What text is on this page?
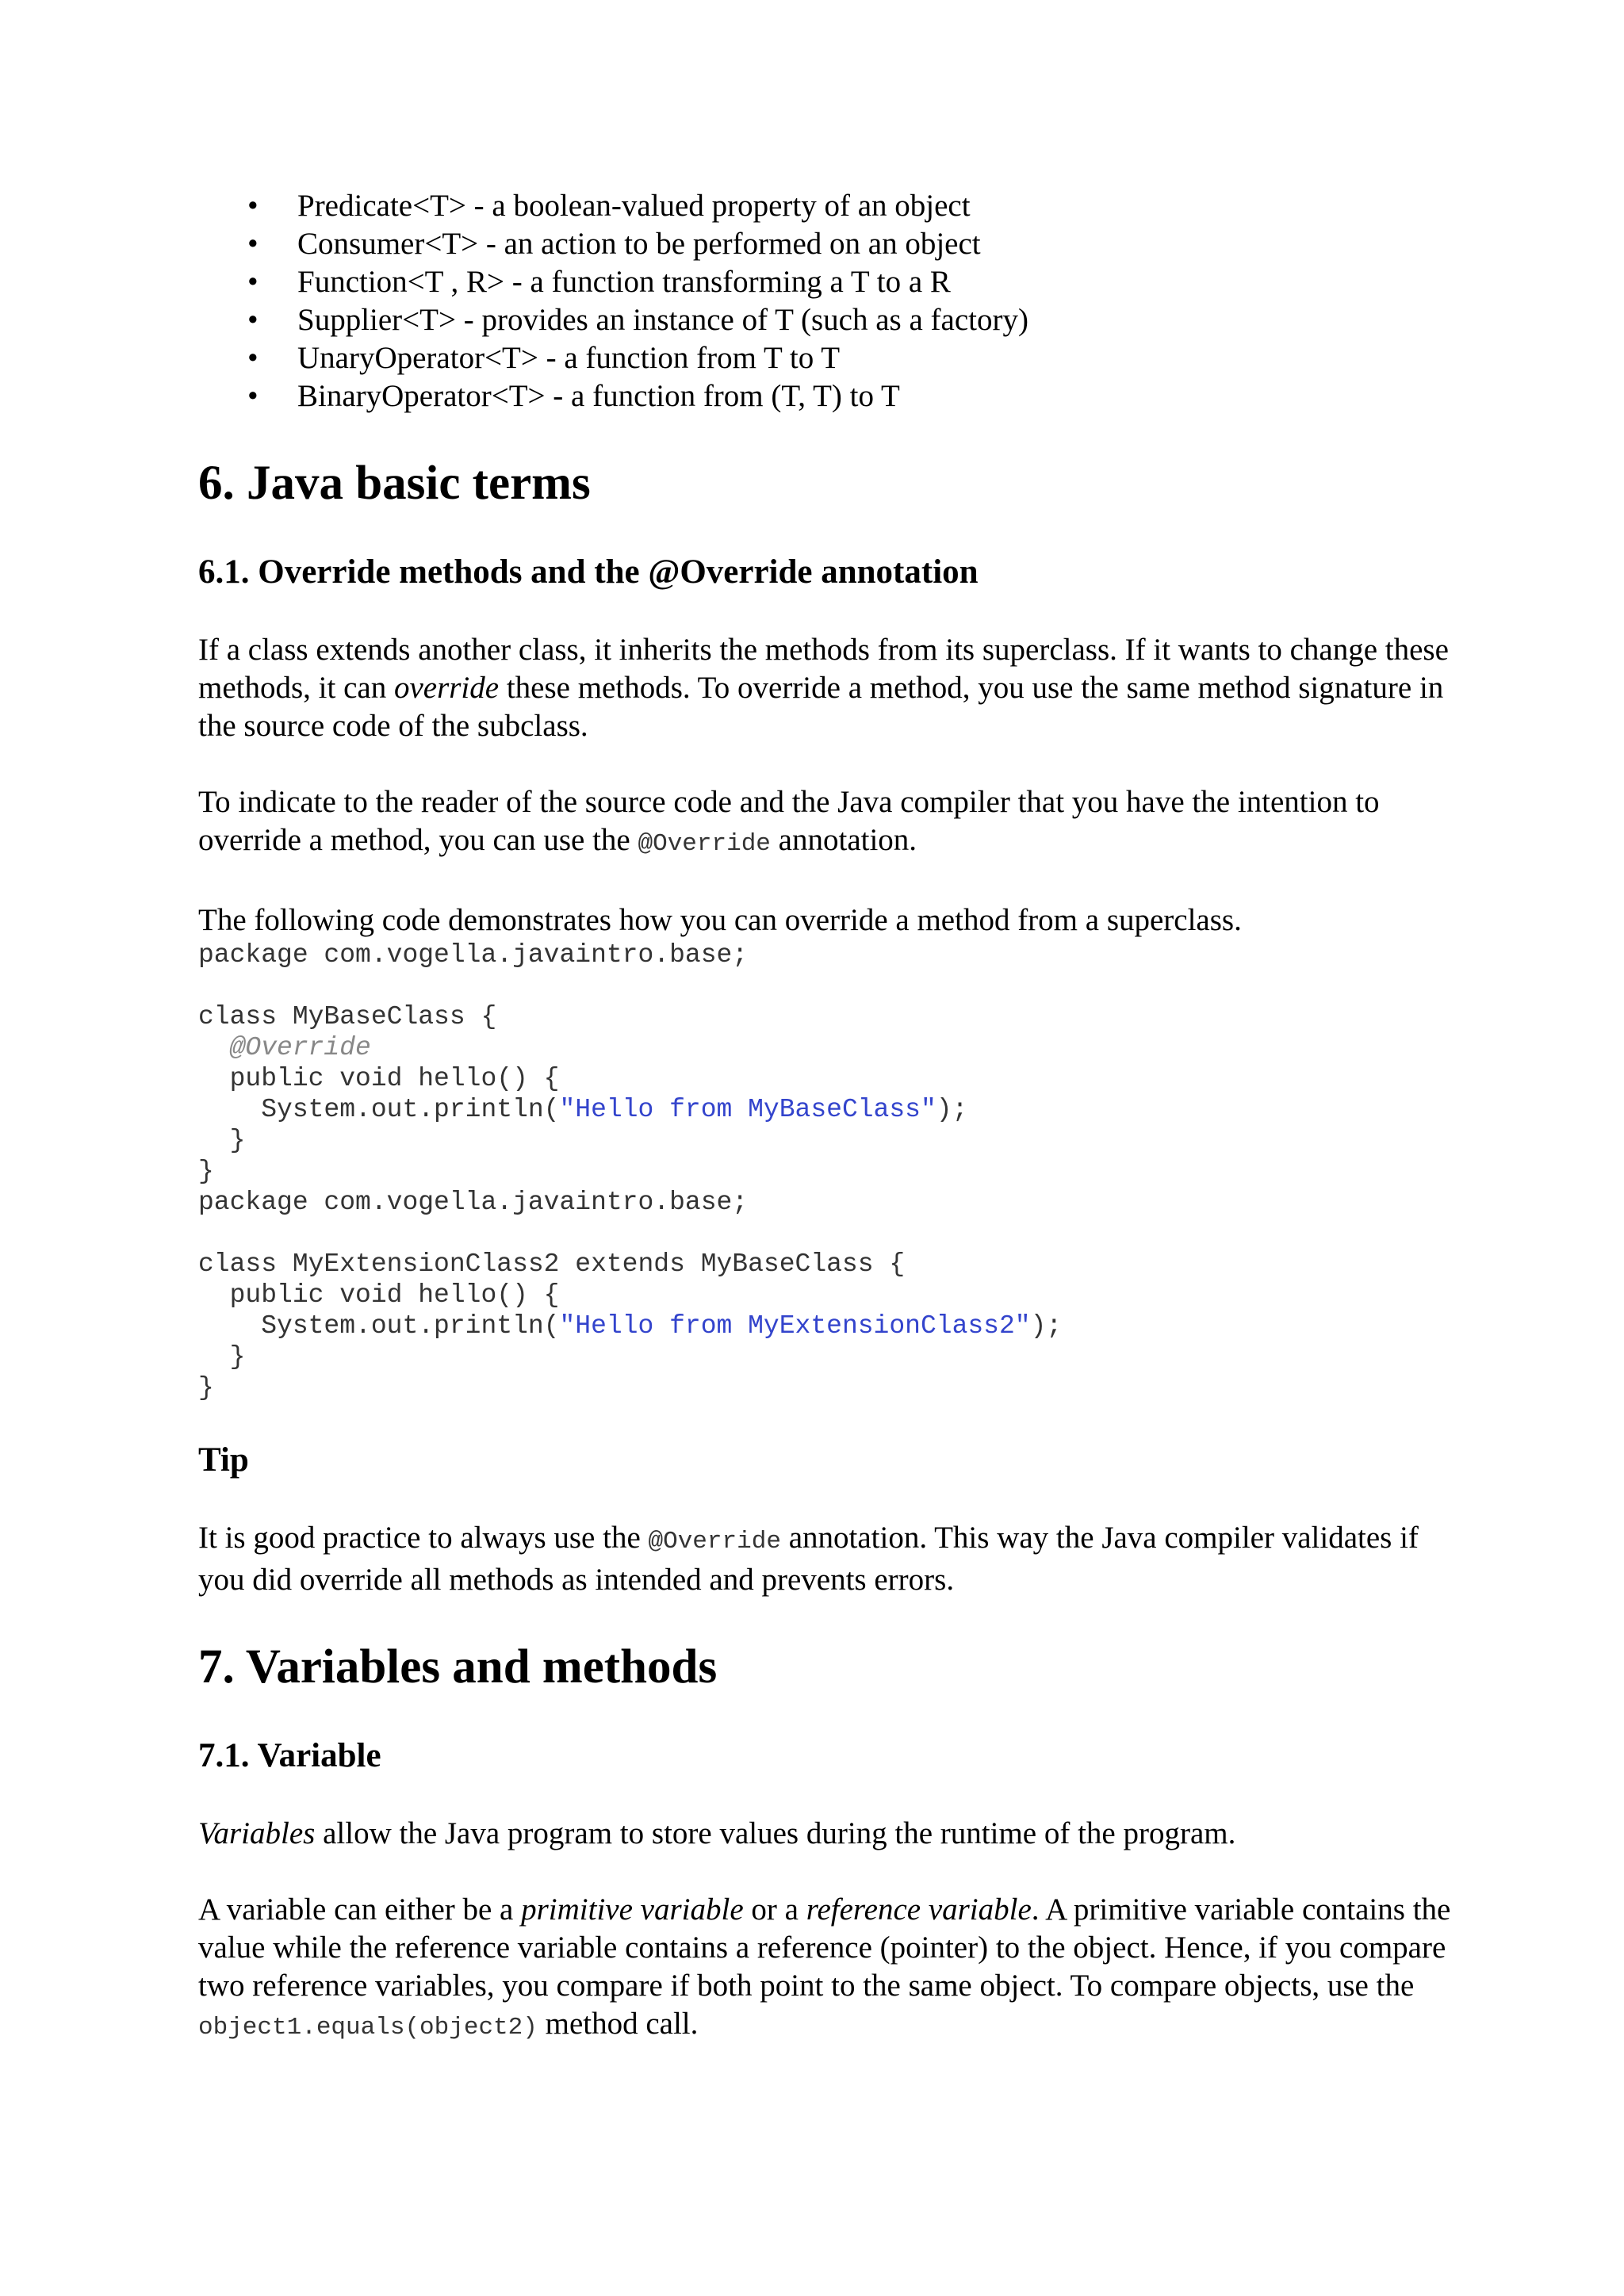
• Predicate<T> - a boolean-valued property of an object
• Consumer<T> - an action to be performed on an object
• Function<T , R> - a function transforming a T to a R
• Supplier<T> - provides an instance of T (such as a factory)
• UnaryOperator<T> - a function from T to T
• BinaryOperator<T> - a function from (T, T) to T
6. Java basic terms
6.1. Override methods and the @Override annotation

If a class extends another class, it inherits the methods from its superclass. If it wants to change these methods, it can override these methods. To override a method, you use the same method signature in the source code of the subclass.

To indicate to the reader of the source code and the Java compiler that you have the intention to override a method, you can use the @Override annotation.

The following code demonstrates how you can override a method from a superclass.

package com.vogella.javaintro.base;

class MyBaseClass {
@Override
public void hello() {
System.out.println("Hello from MyBaseClass");
}
}
package com.vogella.javaintro.base;

class MyExtensionClass2 extends MyBaseClass {
public void hello() {
System.out.println("Hello from MyExtensionClass2");
}
}
Tip

It is good practice to always use the @Override annotation. This way the Java compiler validates if you did override all methods as intended and prevents errors.

7. Variables and methods
7.1. Variable

Variables allow the Java program to store values during the runtime of the program.

A variable can either be a primitive variable or a reference variable. A primitive variable contains the value while the reference variable contains a reference (pointer) to the object. Hence, if you compare two reference variables, you compare if both point to the same object. To compare objects, use the object1.equals(object2) method call.
